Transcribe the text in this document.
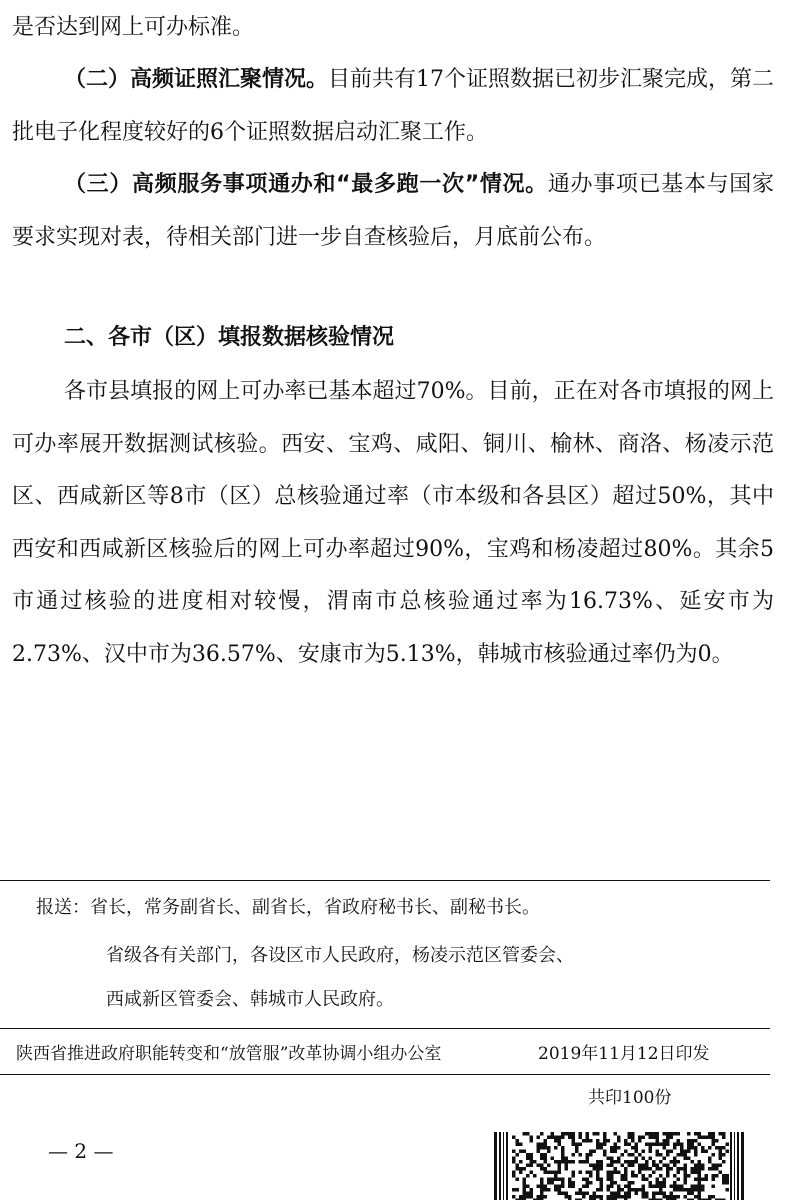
是否达到网上可办标准。

（二）高频证照汇聚情况。目前共有17个证照数据已初步汇聚完成，第二批电子化程度较好的6个证照数据启动汇聚工作。

（三）高频服务事项通办和“最多跑一次”情况。通办事项已基本与国家要求实现对表，待相关部门进一步自查核验后，月底前公布。

二、各市（区）填报数据核验情况

各市县填报的网上可办率已基本超过70%。目前，正在对各市填报的网上可办率展开数据测试核验。西安、宝鸡、咸阳、铜川、榆林、商洛、杨凌示范区、西咸新区等8市（区）总核验通过率（市本级和各县区）超过50%，其中西安和西咸新区核验后的网上可办率超过90%，宝鸡和杨凌超过80%。其余5市通过核验的进度相对较慢，渭南市总核验通过率为16.73%、延安市为2.73%、汉中市为36.57%、安康市为5.13%，韩城市核验通过率仍为0。

报送：省长，常务副省长、副省长，省政府秘书长、副秘书长。
省级各有关部门，各设区市人民政府，杨凌示范区管委会、
西咸新区管委会、韩城市人民政府。
陕西省推进政府职能转变和“放管服”改革协调小组办公室	2019年11月12日印发
共印100份
— 2 —
